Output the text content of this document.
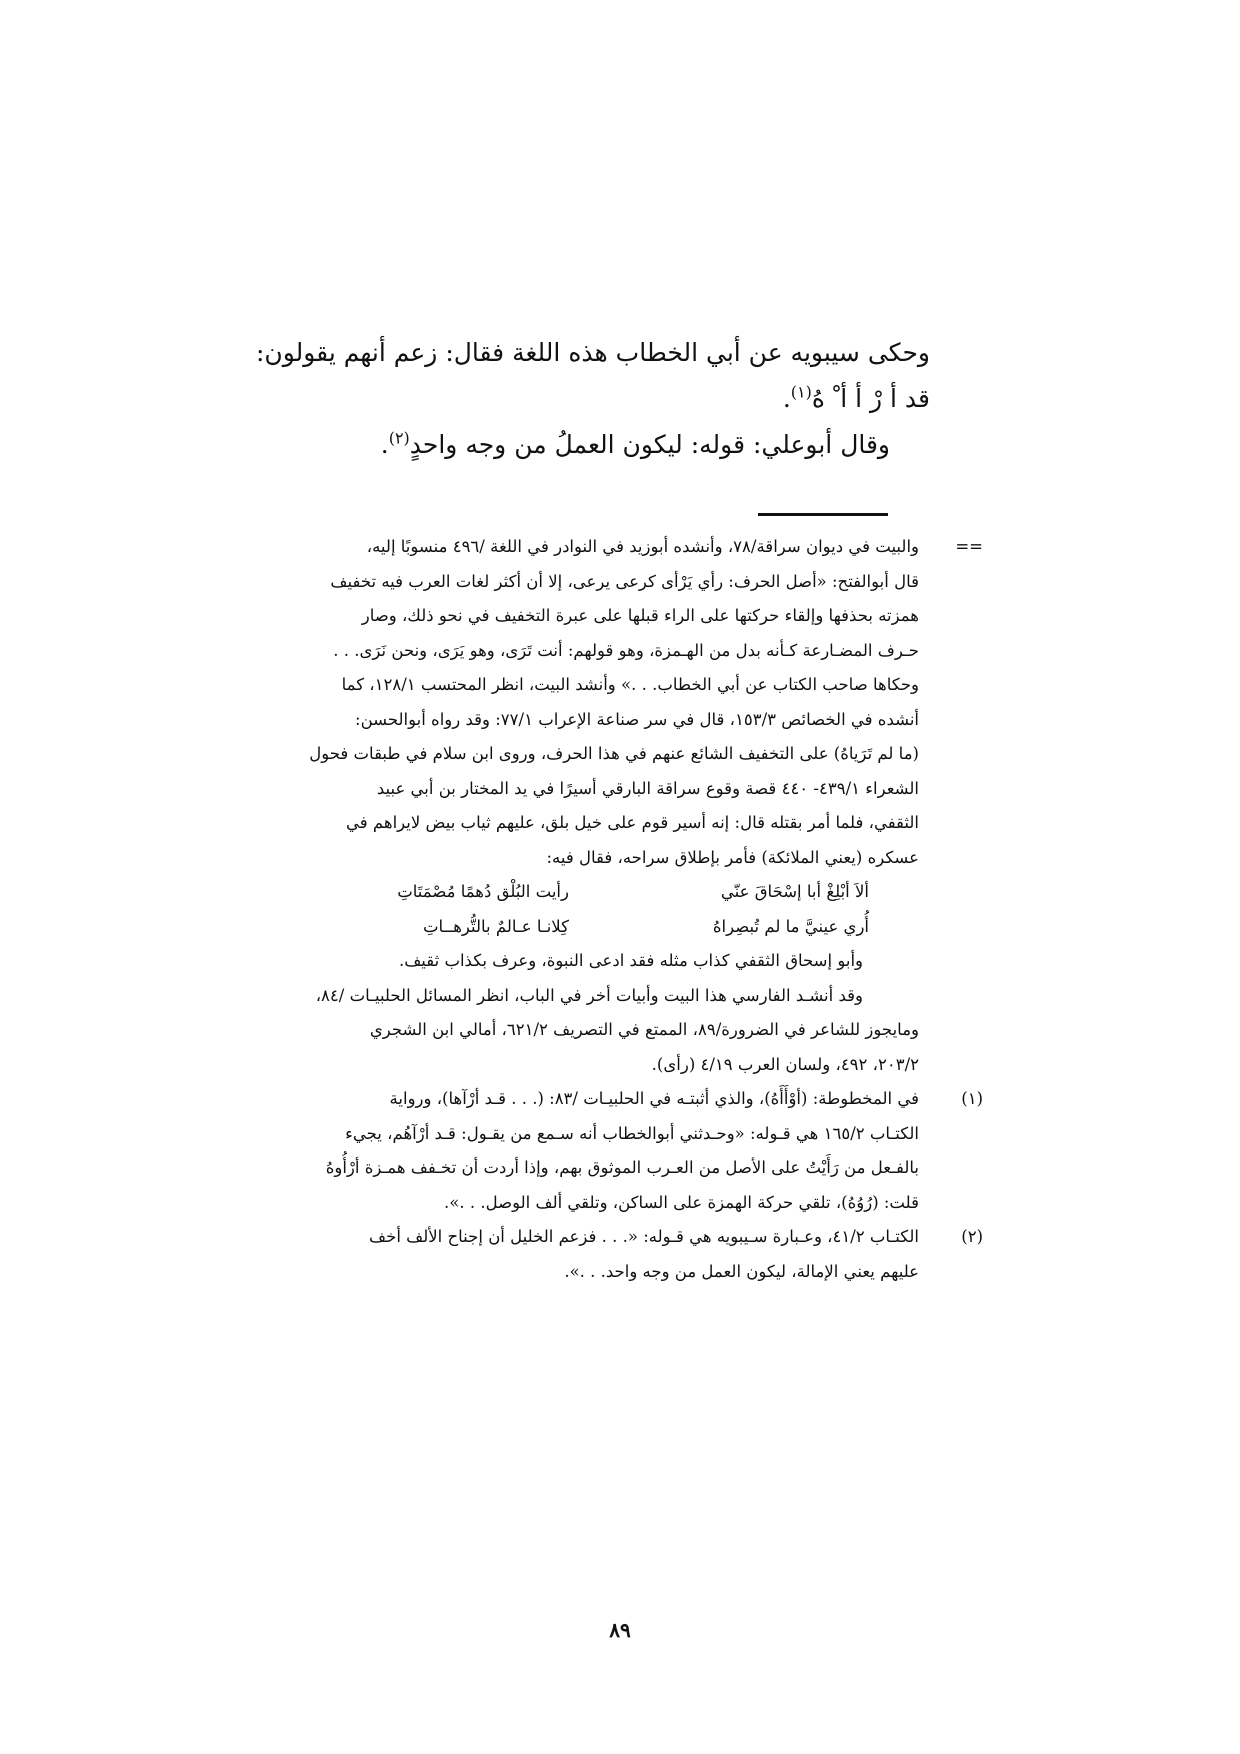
وحكى سيبويه عن أبي الخطاب هذه اللغة فقال: زعم أنهم يقولون:

قد أ رْ أ أ ْ هُ$^{(١)}$.

وقال أبوعلي: قوله: ليكون العملُ من وجه واحدٍ$^{(٢)}$.

==
والبيت في ديوان سراقة/٧٨، وأنشده أبوزيد في النوادر في اللغة /٤٩٦ منسوبًا إليه،
قال أبوالفتح: «أصل الحرف: رأي يَرْأى كرعى يرعى، إلا أن أكثر لغات العرب فيه تخفيف
همزته بحذفها وإلقاء حركتها على الراء قبلها على عبرة التخفيف في نحو ذلك، وصار
حـرف المضـارعة كـأنه بدل من الهـمزة، وهو قولهم: أنت تَرَى، وهو يَرَى، ونحن نَرَى. . .
وحكاها صاحب الكتاب عن أبي الخطاب. . .» وأنشد البيت، انظر المحتسب ١٢٨/١، كما
أنشده في الخصائص ١٥٣/٣، قال في سر صناعة الإعراب ٧٧/١: وقد رواه أبوالحسن:
(ما لم تَرَياهُ) على التخفيف الشائع عنهم في هذا الحرف، وروى ابن سلام في طبقات فحول
الشعراء ٤٣٩/١- ٤٤٠ قصة وقوع سراقة البارقي أسيرًا في يد المختار بن أبي عبيد
الثقفي، فلما أمر بقتله قال: إنه أسير قوم على خيل بلق، عليهم ثياب بيض لايراهم في
عسكره (يعني الملائكة) فأمر بإطلاق سراحه، فقال فيه:
ألاَ أبْلِغْ أبا إسْحَاقَ عنّي
رأيت البُلْق دُهمًا مُصْمَتَاتِ
أُري عينيَّ ما لم تُبصِراهُ
كِلانـا عـالمٌ بالتُّرهــاتِ
وأبو إسحاق الثقفي كذاب مثله فقد ادعى النبوة، وعرف بكذاب ثقيف.
وقد أنشـد الفارسي هذا البيت وأبيات أخر في الباب، انظر المسائل الحلبيـات /٨٤،
ومايجوز للشاعر في الضرورة/٨٩، الممتع في التصريف ٦٢١/٢، أمالي ابن الشجري
٢٠٣/٢، ٤٩٢، ولسان العرب ٤/١٩ (رأى).
(١)
في المخطوطة: (أوْأَأَهُ)، والذي أثبتـه في الحلبيـات /٨٣: (. . . قـد أرْآها)، ورواية
الكتـاب ١٦٥/٢ هي قـوله: «وحـدثني أبوالخطاب أنه سـمع من يقـول: قـد أرْآهُم، يجيء
بالفـعل من رَأَيْتُ على الأصل من العـرب الموثوق بهم، وإذا أردت أن تخـفف همـزة أرْأُوهُ
قلت: (رُوُهُ)، تلقي حركة الهمزة على الساكن، وتلقي ألف الوصل. . .».
(٢)
الكتـاب ٤١/٢، وعـبارة سـيبويه هي قـوله: «. . . فزعم الخليل أن إجناح الألف أخف
عليهم يعني الإمالة، ليكون العمل من وجه واحد. . .».
٨٩
